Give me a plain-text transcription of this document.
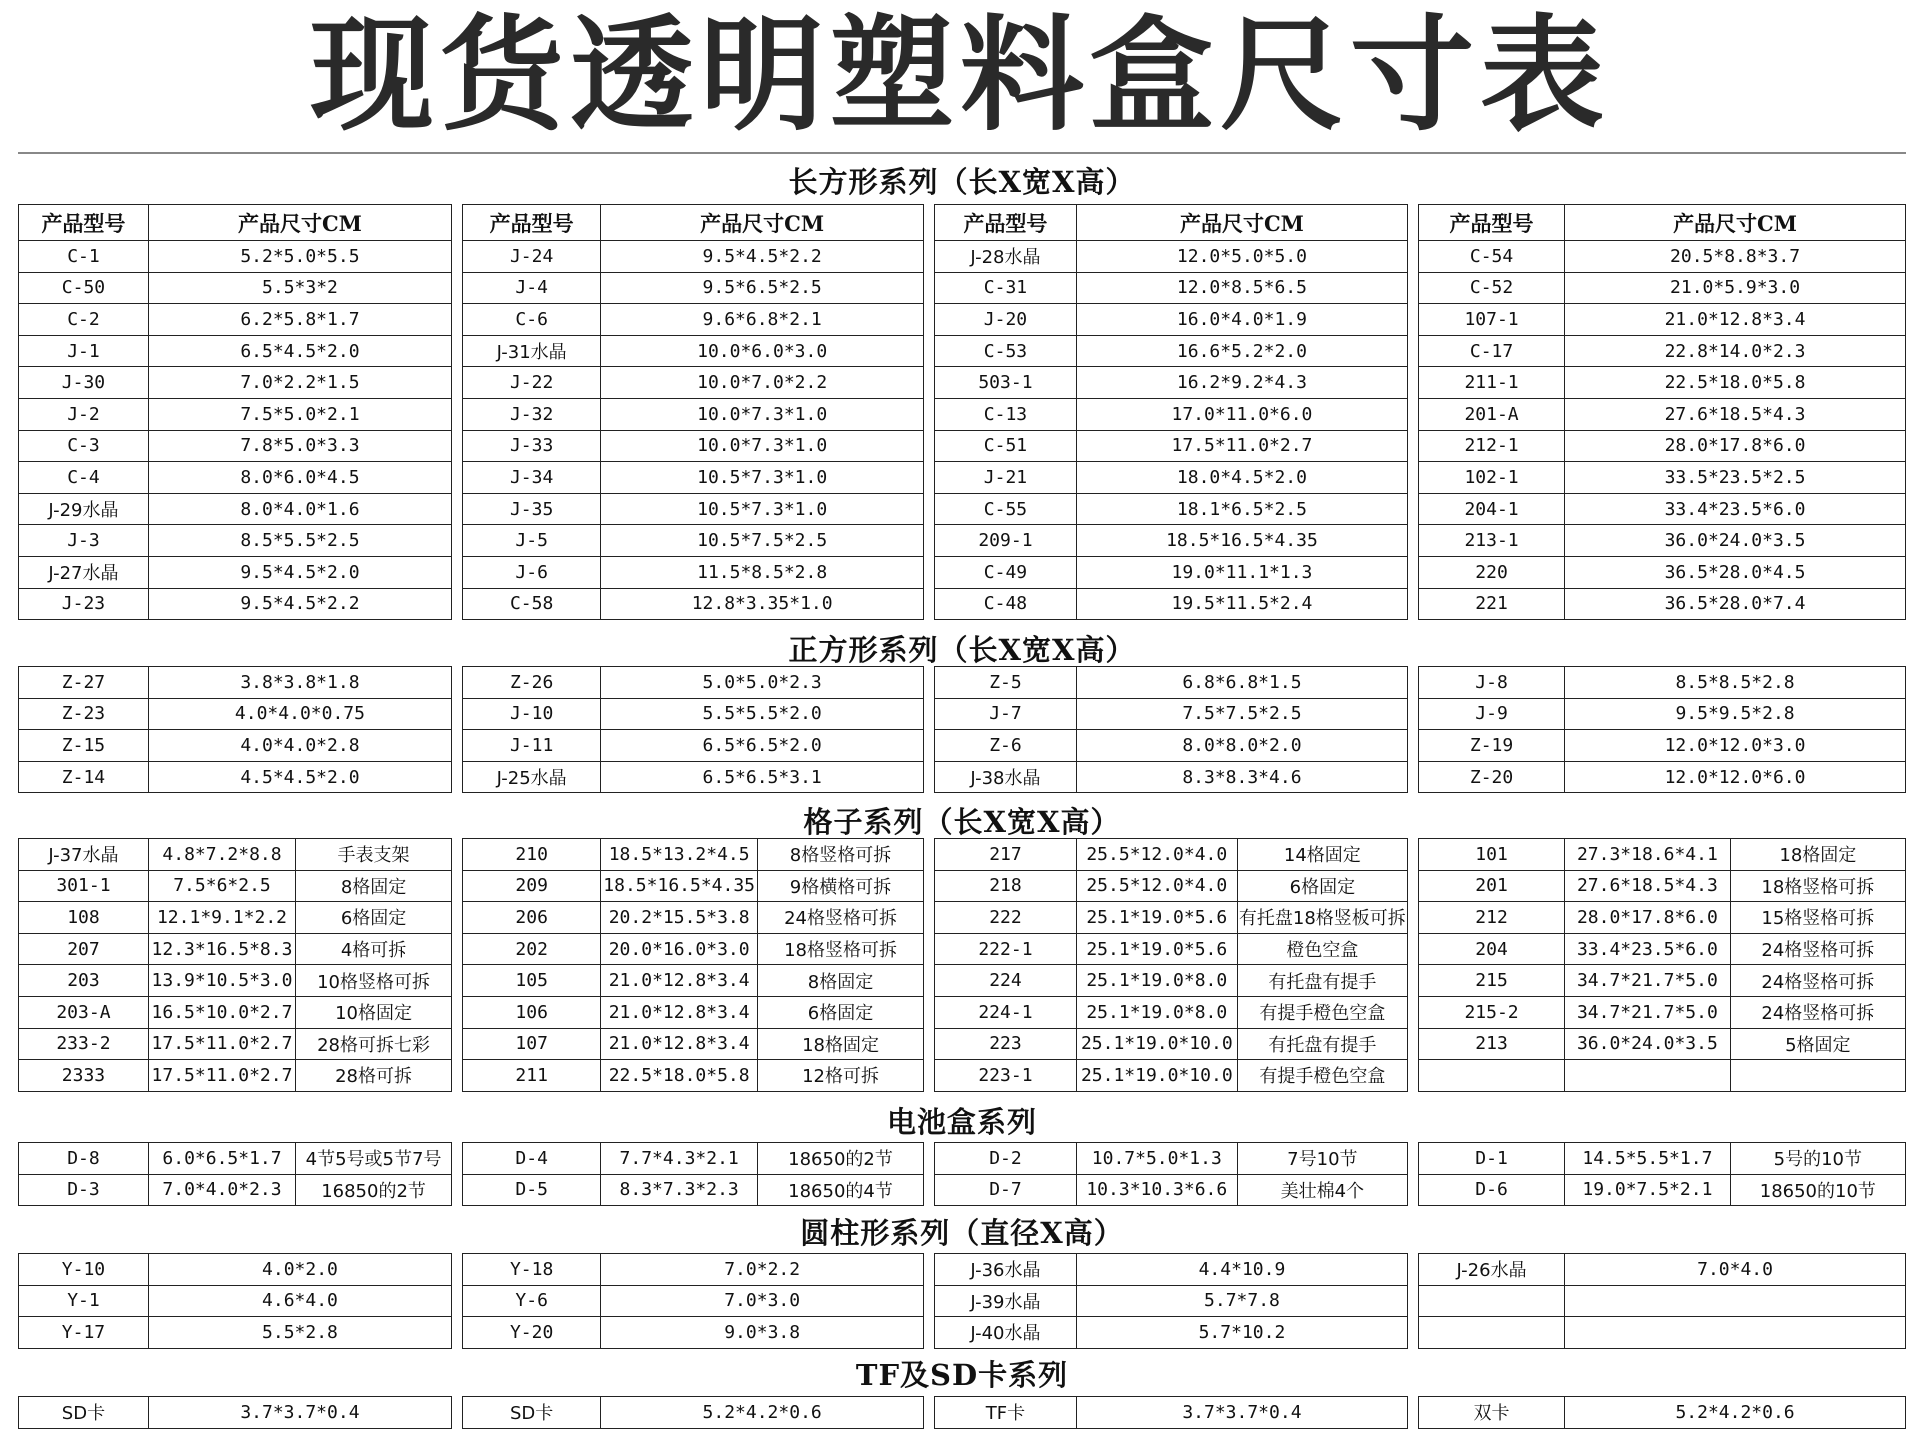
现货透明塑料盒尺寸表
长方形系列（长X宽X高）
产品型号	产品尺寸CM
C-1	5.2*5.0*5.5
C-50	5.5*3*2
C-2	6.2*5.8*1.7
J-1	6.5*4.5*2.0
J-30	7.0*2.2*1.5
J-2	7.5*5.0*2.1
C-3	7.8*5.0*3.3
C-4	8.0*6.0*4.5
J-29水晶	8.0*4.0*1.6
J-3	8.5*5.5*2.5
J-27水晶	9.5*4.5*2.0
J-23	9.5*4.5*2.2
产品型号	产品尺寸CM
J-24	9.5*4.5*2.2
J-4	9.5*6.5*2.5
C-6	9.6*6.8*2.1
J-31水晶	10.0*6.0*3.0
J-22	10.0*7.0*2.2
J-32	10.0*7.3*1.0
J-33	10.0*7.3*1.0
J-34	10.5*7.3*1.0
J-35	10.5*7.3*1.0
J-5	10.5*7.5*2.5
J-6	11.5*8.5*2.8
C-58	12.8*3.35*1.0
产品型号	产品尺寸CM
J-28水晶	12.0*5.0*5.0
C-31	12.0*8.5*6.5
J-20	16.0*4.0*1.9
C-53	16.6*5.2*2.0
503-1	16.2*9.2*4.3
C-13	17.0*11.0*6.0
C-51	17.5*11.0*2.7
J-21	18.0*4.5*2.0
C-55	18.1*6.5*2.5
209-1	18.5*16.5*4.35
C-49	19.0*11.1*1.3
C-48	19.5*11.5*2.4
产品型号	产品尺寸CM
C-54	20.5*8.8*3.7
C-52	21.0*5.9*3.0
107-1	21.0*12.8*3.4
C-17	22.8*14.0*2.3
211-1	22.5*18.0*5.8
201-A	27.6*18.5*4.3
212-1	28.0*17.8*6.0
102-1	33.5*23.5*2.5
204-1	33.4*23.5*6.0
213-1	36.0*24.0*3.5
220	36.5*28.0*4.5
221	36.5*28.0*7.4
正方形系列（长X宽X高）
Z-27	3.8*3.8*1.8
Z-23	4.0*4.0*0.75
Z-15	4.0*4.0*2.8
Z-14	4.5*4.5*2.0
Z-26	5.0*5.0*2.3
J-10	5.5*5.5*2.0
J-11	6.5*6.5*2.0
J-25水晶	6.5*6.5*3.1
Z-5	6.8*6.8*1.5
J-7	7.5*7.5*2.5
Z-6	8.0*8.0*2.0
J-38水晶	8.3*8.3*4.6
J-8	8.5*8.5*2.8
J-9	9.5*9.5*2.8
Z-19	12.0*12.0*3.0
Z-20	12.0*12.0*6.0
格子系列（长X宽X高）
J-37水晶	4.8*7.2*8.8	手表支架
301-1	7.5*6*2.5	8格固定
108	12.1*9.1*2.2	6格固定
207	12.3*16.5*8.3	4格可拆
203	13.9*10.5*3.0	10格竖格可拆
203-A	16.5*10.0*2.7	10格固定
233-2	17.5*11.0*2.7	28格可拆七彩
2333	17.5*11.0*2.7	28格可拆
210	18.5*13.2*4.5	8格竖格可拆
209	18.5*16.5*4.35	9格横格可拆
206	20.2*15.5*3.8	24格竖格可拆
202	20.0*16.0*3.0	18格竖格可拆
105	21.0*12.8*3.4	8格固定
106	21.0*12.8*3.4	6格固定
107	21.0*12.8*3.4	18格固定
211	22.5*18.0*5.8	12格可拆
217	25.5*12.0*4.0	14格固定
218	25.5*12.0*4.0	6格固定
222	25.1*19.0*5.6	有托盘18格竖板可拆
222-1	25.1*19.0*5.6	橙色空盒
224	25.1*19.0*8.0	有托盘有提手
224-1	25.1*19.0*8.0	有提手橙色空盒
223	25.1*19.0*10.0	有托盘有提手
223-1	25.1*19.0*10.0	有提手橙色空盒
101	27.3*18.6*4.1	18格固定
201	27.6*18.5*4.3	18格竖格可拆
212	28.0*17.8*6.0	15格竖格可拆
204	33.4*23.5*6.0	24格竖格可拆
215	34.7*21.7*5.0	24格竖格可拆
215-2	34.7*21.7*5.0	24格竖格可拆
213	36.0*24.0*3.5	5格固定

电池盒系列
D-8	6.0*6.5*1.7	4节5号或5节7号
D-3	7.0*4.0*2.3	16850的2节
D-4	7.7*4.3*2.1	18650的2节
D-5	8.3*7.3*2.3	18650的4节
D-2	10.7*5.0*1.3	7号10节
D-7	10.3*10.3*6.6	美壮棉4个
D-1	14.5*5.5*1.7	5号的10节
D-6	19.0*7.5*2.1	18650的10节
圆柱形系列（直径X高）
Y-10	4.0*2.0
Y-1	4.6*4.0
Y-17	5.5*2.8
Y-18	7.0*2.2
Y-6	7.0*3.0
Y-20	9.0*3.8
J-36水晶	4.4*10.9
J-39水晶	5.7*7.8
J-40水晶	5.7*10.2
J-26水晶	7.0*4.0

TF及SD卡系列
SD卡	3.7*3.7*0.4	SD卡	5.2*4.2*0.6	TF卡	3.7*3.7*0.4	双卡	5.2*4.2*0.6
